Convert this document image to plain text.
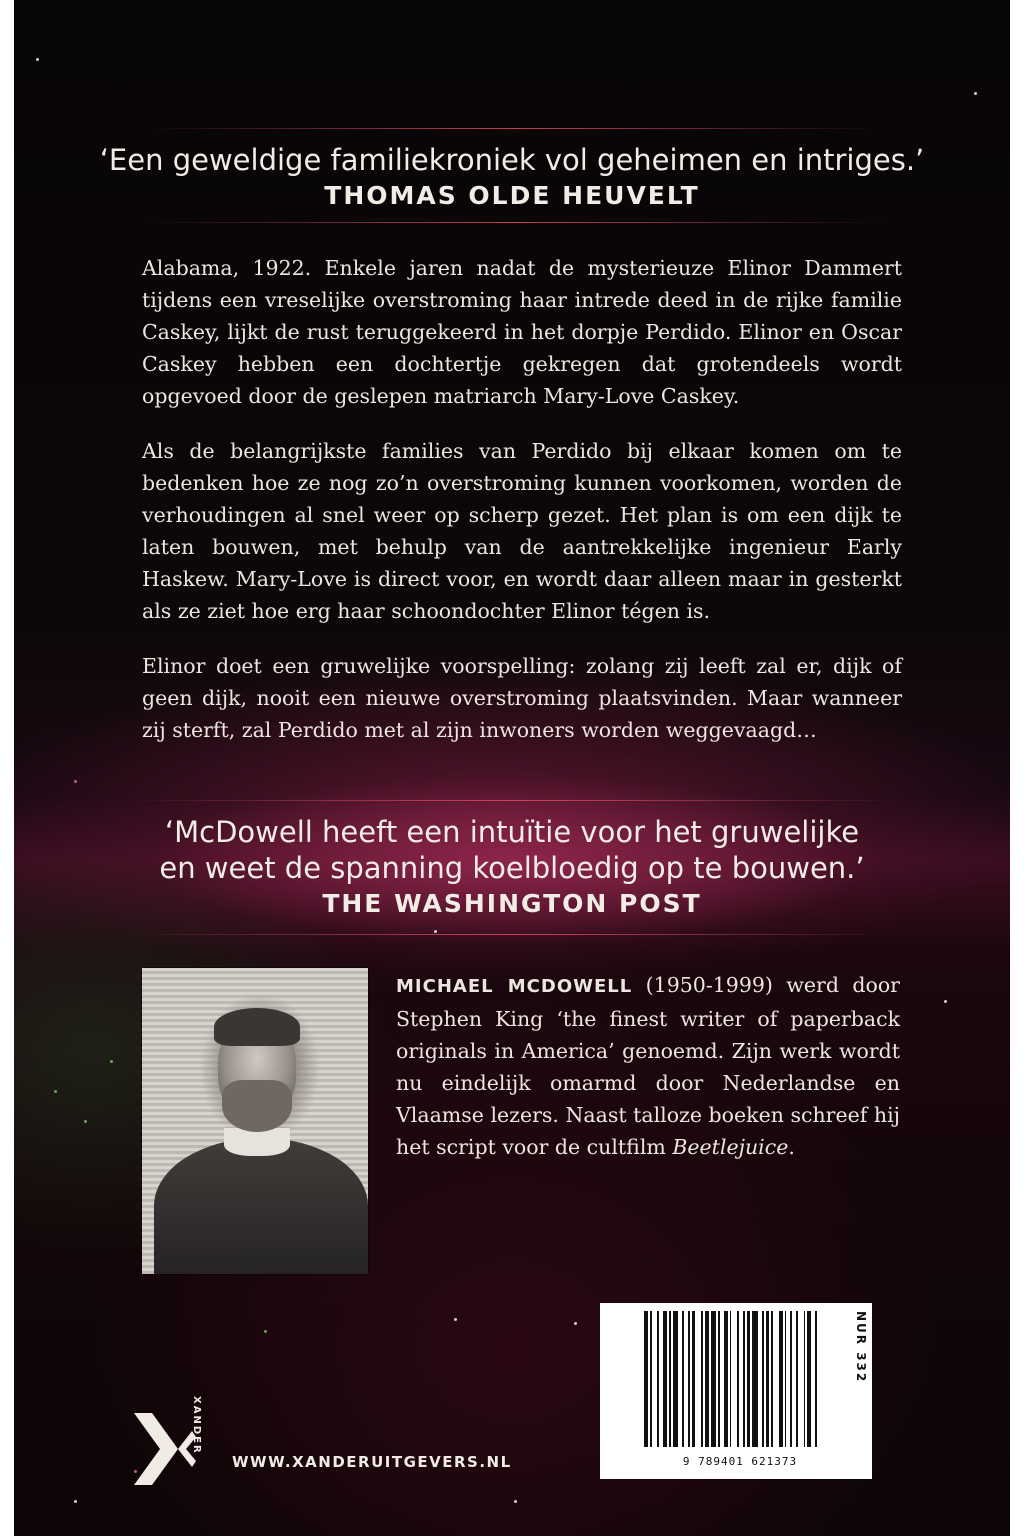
‘Een geweldige familiekroniek vol geheimen en intriges.’
THOMAS OLDE HEUVELT

Alabama, 1922. Enkele jaren nadat de mysterieuze Elinor Dammert tijdens een vreselijke overstroming haar intrede deed in de rijke familie Caskey, lijkt de rust teruggekeerd in het dorpje Perdido. Elinor en Oscar Caskey hebben een dochtertje gekregen dat grotendeels wordt opgevoed door de geslepen matriarch Mary-Love Caskey.

Als de belangrijkste families van Perdido bij elkaar komen om te bedenken hoe ze nog zo’n overstroming kunnen voorkomen, worden de verhoudingen al snel weer op scherp gezet. Het plan is om een dijk te laten bouwen, met behulp van de aantrekkelijke ingenieur Early Haskew. Mary-Love is direct voor, en wordt daar alleen maar in gesterkt als ze ziet hoe erg haar schoondochter Elinor tégen is.

Elinor doet een gruwelijke voorspelling: zolang zij leeft zal er, dijk of geen dijk, nooit een nieuwe overstroming plaatsvinden. Maar wanneer zij sterft, zal Perdido met al zijn inwoners worden weggevaagd…

‘McDowell heeft een intuïtie voor het gruwelijke
en weet de spanning koelbloedig op te bouwen.’
THE WASHINGTON POST
MICHAEL MCDOWELL (1950-1999) werd door Stephen King ‘the finest writer of paperback originals in America’ genoemd. Zijn werk wordt nu eindelijk omarmd door Nederlandse en Vlaamse lezers. Naast talloze boeken schreef hij het script voor de cultfilm Beetlejuice.
9 789401 621373
NUR 332
XANDER
WWW.XANDERUITGEVERS.NL
